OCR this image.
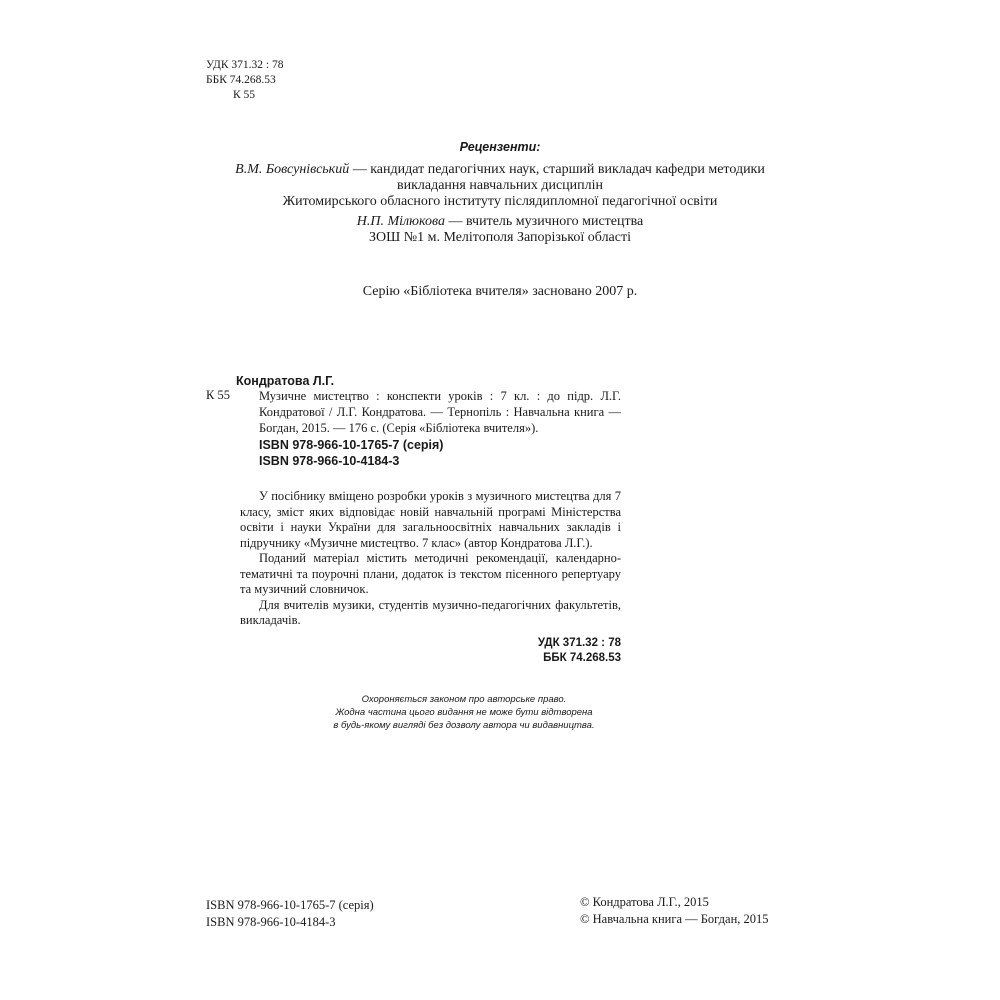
УДК 371.32 : 78
ББК 74.268.53
К 55
Рецензенти:
В.М. Бовсунівський — кандидат педагогічних наук, старший викладач кафедри методики
викладання навчальних дисциплін
Житомирського обласного інституту післядипломної педагогічної освіти
Н.П. Мілюкова — вчитель музичного мистецтва
ЗОШ №1 м. Мелітополя Запорізької області
Серію «Бібліотека вчителя» засновано 2007 р.
Кондратова Л.Г.
К 55 Музичне мистецтво : конспекти уроків : 7 кл. : до підр. Л.Г. Кондратової / Л.Г. Кондратова. — Тернопіль : Навчальна книга — Богдан, 2015. — 176 с. (Серія «Бібліотека вчителя»).
ISBN 978-966-10-1765-7 (серія)
ISBN 978-966-10-4184-3

У посібнику вміщено розробки уроків з музичного мистецтва для 7 класу, зміст яких відповідає новій навчальній програмі Міністерства освіти і науки України для загальноосвітніх навчальних закладів і підручнику «Музичне мистецтво. 7 клас» (автор Кондратова Л.Г.).

Поданий матеріал містить методичні рекомендації, календарно-тематичні та поурочні плани, додаток із текстом пісенного репертуару та музичний словничок.

Для вчителів музики, студентів музично-педагогічних факультетів, викладачів.

УДК 371.32 : 78
ББК 74.268.53
Охороняється законом про авторське право.
Жодна частина цього видання не може бути відтворена
в будь-якому вигляді без дозволу автора чи видавництва.
ISBN 978-966-10-1765-7 (серія)
ISBN 978-966-10-4184-3
© Кондратова Л.Г., 2015
© Навчальна книга — Богдан, 2015
